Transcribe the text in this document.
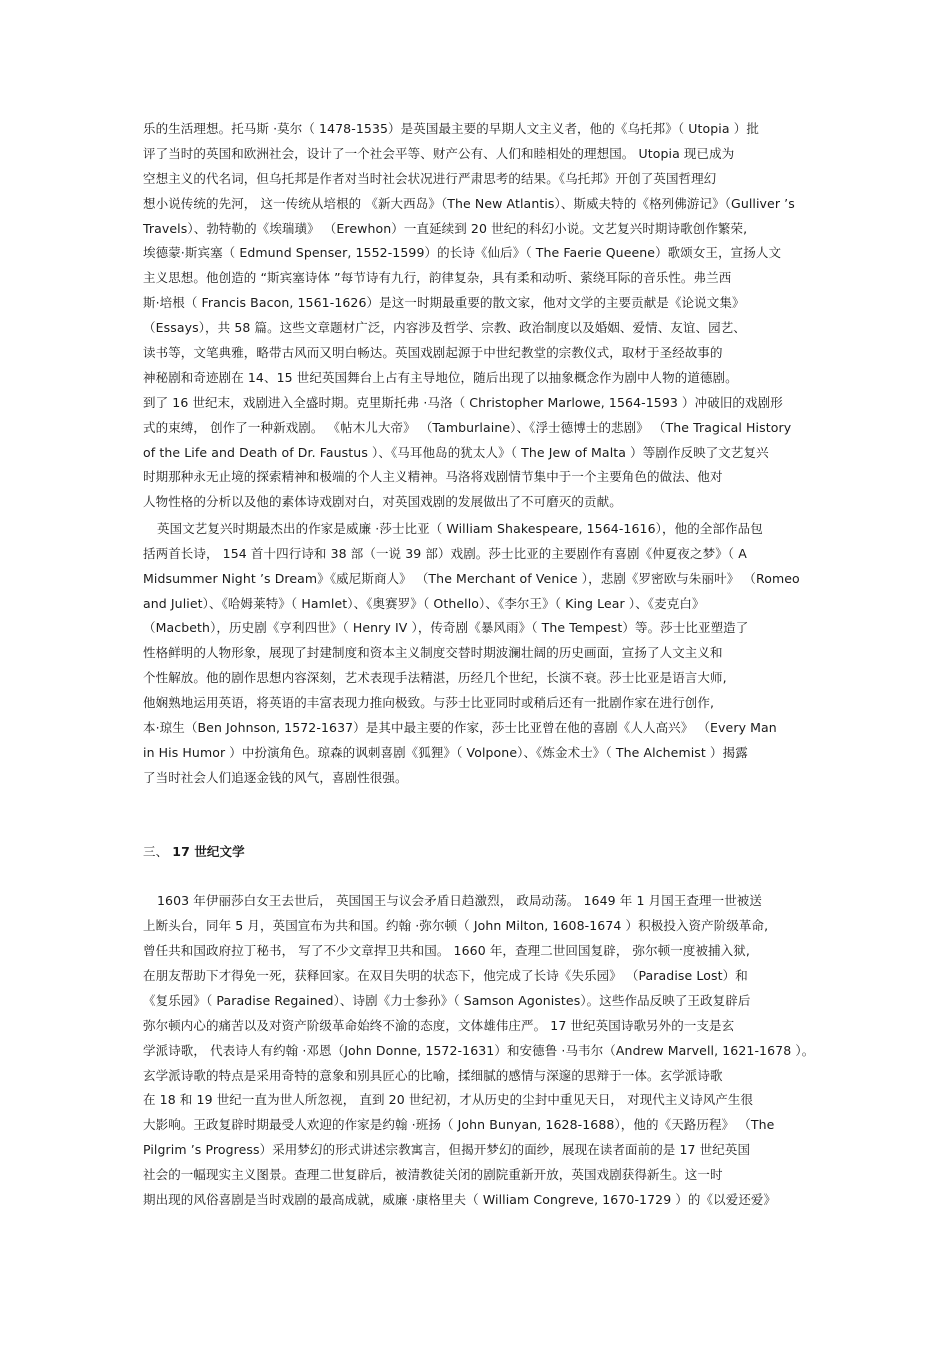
乐的生活理想。托马斯 ·莫尔（ 1478-1535）是英国最主要的早期人文主义者，他的《乌托邦》（ Utopia ）批
评了当时的英国和欧洲社会，设计了一个社会平等、财产公有、人们和睦相处的理想国。 Utopia 现已成为
空想主义的代名词，但乌托邦是作者对当时社会状况进行严肃思考的结果。《乌托邦》开创了英国哲理幻
想小说传统的先河， 这一传统从培根的 《新大西岛》（The New Atlantis）、斯威夫特的《格列佛游记》（Gulliver ’s
Travels）、勃特勒的《埃瑞璜》 （Erewhon）一直延续到 20 世纪的科幻小说。文艺复兴时期诗歌创作繁荣,
埃德蒙·斯宾塞（ Edmund Spenser, 1552-1599）的长诗《仙后》（ The Faerie Queene）歌颂女王，宣扬人文
主义思想。他创造的 “斯宾塞诗体 ”每节诗有九行，韵律复杂，具有柔和动听、萦绕耳际的音乐性。弗兰西
斯·培根（ Francis Bacon, 1561-1626）是这一时期最重要的散文家，他对文学的主要贡献是《论说文集》
（Essays），共 58 篇。这些文章题材广泛，内容涉及哲学、宗教、政治制度以及婚姻、爱情、友谊、园艺、
读书等，文笔典雅，略带古风而又明白畅达。英国戏剧起源于中世纪教堂的宗教仪式，取材于圣经故事的
神秘剧和奇迹剧在 14、15 世纪英国舞台上占有主导地位，随后出现了以抽象概念作为剧中人物的道德剧。
到了 16 世纪末，戏剧进入全盛时期。克里斯托弗 ·马洛（ Christopher Marlowe, 1564-1593 ）冲破旧的戏剧形
式的束缚， 创作了一种新戏剧。 《帖木儿大帝》 （Tamburlaine）、《浮士德博士的悲剧》 （The Tragical History
of the Life and Death of Dr. Faustus ）、《马耳他岛的犹太人》（ The Jew of Malta ）等剧作反映了文艺复兴
时期那种永无止境的探索精神和极端的个人主义精神。马洛将戏剧情节集中于一个主要角色的做法、他对
人物性格的分析以及他的素体诗戏剧对白，对英国戏剧的发展做出了不可磨灭的贡献。
英国文艺复兴时期最杰出的作家是威廉 ·莎士比亚（ William Shakespeare, 1564-1616），他的全部作品包
括两首长诗， 154 首十四行诗和 38 部（一说 39 部）戏剧。莎士比亚的主要剧作有喜剧《仲夏夜之梦》（ A
Midsummer Night ’s Dream》《威尼斯商人》 （The Merchant of Venice ），悲剧《罗密欧与朱丽叶》 （Romeo
and Juliet）、《哈姆莱特》（ Hamlet）、《奥赛罗》（ Othello）、《李尔王》（ King Lear ）、《麦克白》
（Macbeth），历史剧《亨利四世》（ Henry IV ），传奇剧《暴风雨》（ The Tempest）等。莎士比亚塑造了
性格鲜明的人物形象，展现了封建制度和资本主义制度交替时期波澜壮阔的历史画面，宣扬了人文主义和
个性解放。他的剧作思想内容深刻，艺术表现手法精湛，历经几个世纪，长演不衰。莎士比亚是语言大师,
他娴熟地运用英语，将英语的丰富表现力推向极致。与莎士比亚同时或稍后还有一批剧作家在进行创作,
本·琼生（Ben Johnson, 1572-1637）是其中最主要的作家，莎士比亚曾在他的喜剧《人人高兴》 （Every Man
in His Humor ）中扮演角色。琼森的讽刺喜剧《狐狸》（ Volpone）、《炼金术士》（ The Alchemist ）揭露
了当时社会人们追逐金钱的风气，喜剧性很强。
三、 17 世纪文学
1603 年伊丽莎白女王去世后， 英国国王与议会矛盾日趋激烈， 政局动荡。 1649 年 1 月国王查理一世被送
上断头台，同年 5 月，英国宣布为共和国。约翰 ·弥尔顿（ John Milton, 1608-1674 ）积极投入资产阶级革命,
曾任共和国政府拉丁秘书， 写了不少文章捍卫共和国。 1660 年，查理二世回国复辟， 弥尔顿一度被捕入狱,
在朋友帮助下才得免一死，获释回家。在双目失明的状态下，他完成了长诗《失乐园》 （Paradise Lost）和
《复乐园》（ Paradise Regained）、诗剧《力士参孙》（ Samson Agonistes）。这些作品反映了王政复辟后
弥尔顿内心的痛苦以及对资产阶级革命始终不渝的态度，文体雄伟庄严。 17 世纪英国诗歌另外的一支是玄
学派诗歌， 代表诗人有约翰 ·邓恩（John Donne, 1572-1631）和安德鲁 ·马韦尔（Andrew Marvell, 1621-1678 ）。
玄学派诗歌的特点是采用奇特的意象和别具匠心的比喻，揉细腻的感情与深邃的思辩于一体。玄学派诗歌
在 18 和 19 世纪一直为世人所忽视， 直到 20 世纪初，才从历史的尘封中重见天日， 对现代主义诗风产生很
大影响。王政复辟时期最受人欢迎的作家是约翰 ·班扬（ John Bunyan, 1628-1688），他的《天路历程》 （The
Pilgrim ’s Progress）采用梦幻的形式讲述宗教寓言，但揭开梦幻的面纱，展现在读者面前的是 17 世纪英国
社会的一幅现实主义图景。查理二世复辟后，被清教徒关闭的剧院重新开放，英国戏剧获得新生。这一时
期出现的风俗喜剧是当时戏剧的最高成就，威廉 ·康格里夫（ William Congreve, 1670-1729 ）的《以爱还爱》
